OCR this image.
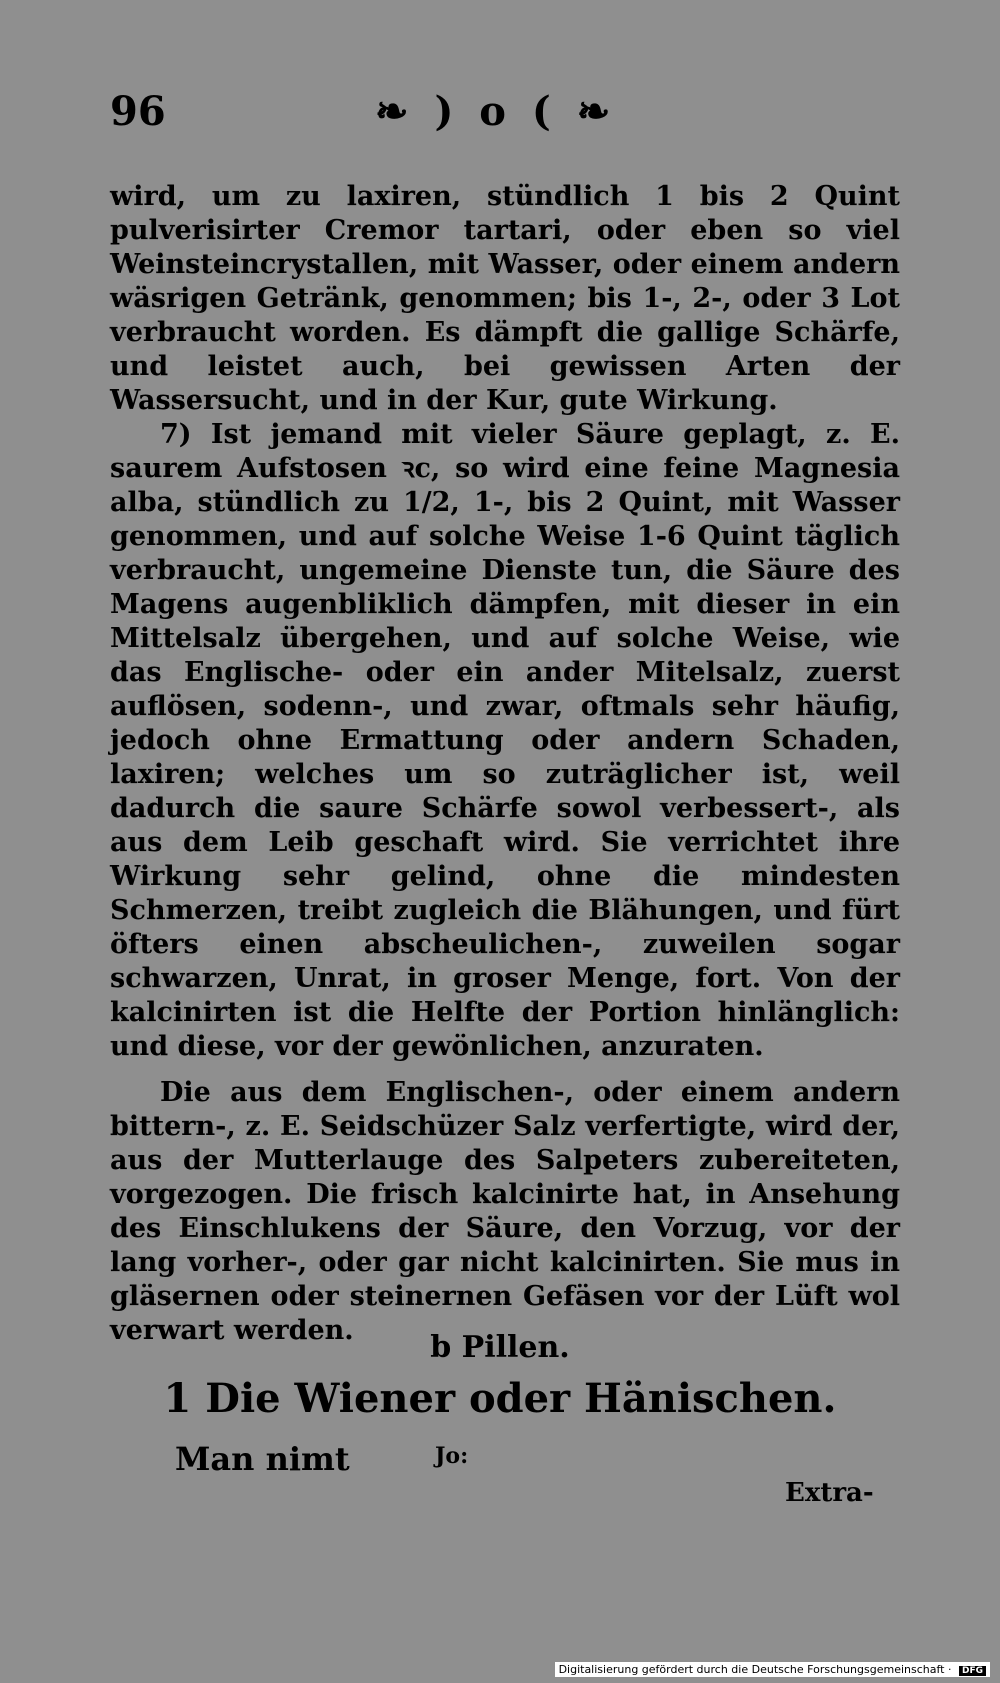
96	❧ ) o ( ❧

wird, um zu laxiren, stündlich 1 bis 2 Quint pulverisirter Cremor tartari, oder eben so viel Weinsteincrystallen, mit Wasser, oder einem andern wäsrigen Getränk, genommen; bis 1-, 2-, oder 3 Lot verbraucht worden. Es dämpft die gallige Schärfe, und leistet auch, bei gewissen Arten der Wassersucht, und in der Kur, gute Wirkung.

7) Ist jemand mit vieler Säure geplagt, z. E. saurem Aufstosen ꝛc, so wird eine feine Magnesia alba, stündlich zu 1/2, 1-, bis 2 Quint, mit Wasser genommen, und auf solche Weise 1-6 Quint täglich verbraucht, ungemeine Dienste tun, die Säure des Magens augenbliklich dämpfen, mit dieser in ein Mittelsalz übergehen, und auf solche Weise, wie das Englische- oder ein ander Mitelsalz, zuerst auflösen, sodenn-, und zwar, oftmals sehr häufig, jedoch ohne Ermattung oder andern Schaden, laxiren; welches um so zuträglicher ist, weil dadurch die saure Schärfe sowol verbessert-, als aus dem Leib geschaft wird. Sie verrichtet ihre Wirkung sehr gelind, ohne die mindesten Schmerzen, treibt zugleich die Blähungen, und fürt öfters einen abscheulichen-, zuweilen sogar schwarzen, Unrat, in groser Menge, fort. Von der kalcinirten ist die Helfte der Portion hinlänglich: und diese, vor der gewönlichen, anzuraten.

Die aus dem Englischen-, oder einem andern bittern-, z. E. Seidschüzer Salz verfertigte, wird der, aus der Mutterlauge des Salpeters zubereiteten, vorgezogen. Die frisch kalcinirte hat, in Ansehung des Einschlukens der Säure, den Vorzug, vor der lang vorher-, oder gar nicht kalcinirten. Sie mus in gläsernen oder steinernen Gefäsen vor der Lüft wol verwart werden.	b Pillen.
1 Die Wiener oder Hänischen.
Man nimt	Jo:
Extra-
Digitalisierung gefördert durch die Deutsche Forschungsgemeinschaft · DFG
